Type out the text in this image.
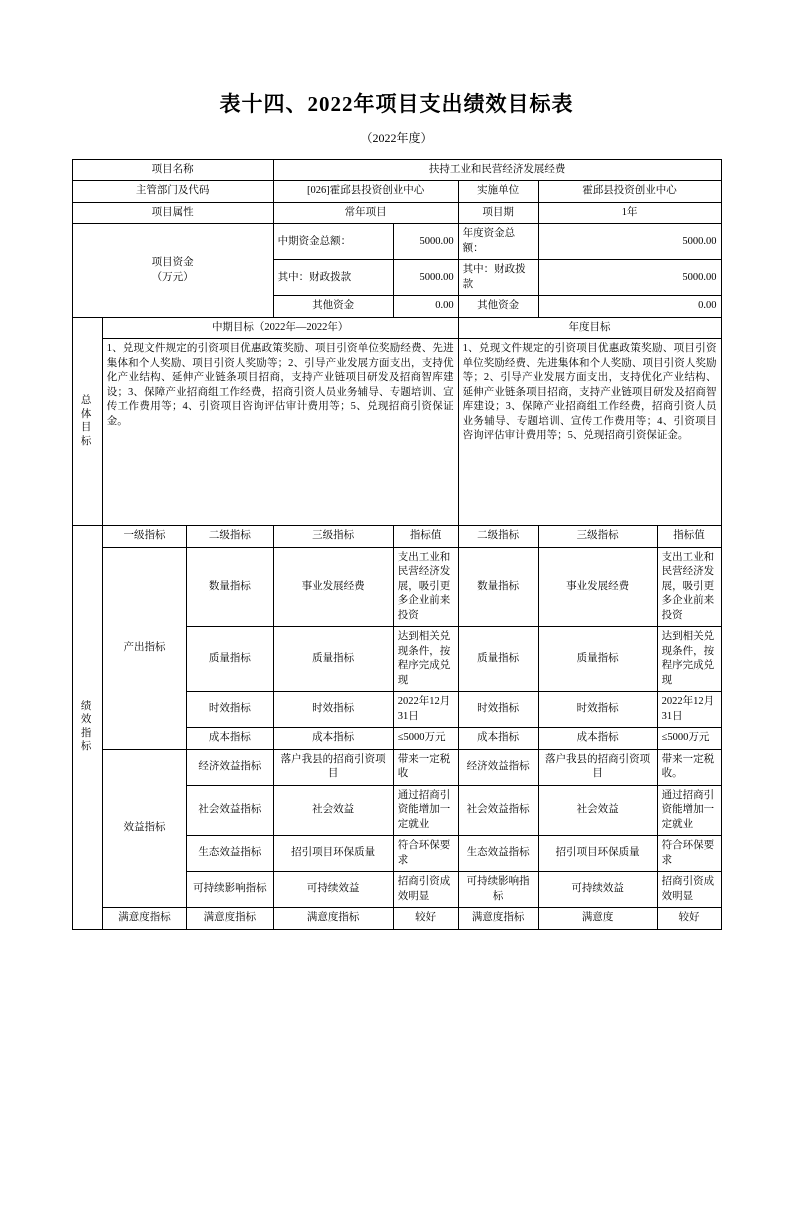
表十四、2022年项目支出绩效目标表
（2022年度）
项目名称			扶持工业和民营经济发展经费				
主管部门及代码			[026]霍邱县投资创业中心		实施单位	霍邱县投资创业中心	
项目属性			常年项目		项目期	1年	

项目资金
（万元）			中期资金总额：	5000.00	年度资金总额：	5000.00	
			其中：财政拨款	5000.00	其中：财政拨款	5000.00	
			其他资金	0.00	其他资金	0.00	
总体目标	中期目标（2022年—2022年）				年度目标		
	1、兑现文件规定的引资项目优惠政策奖励、项目引资单位奖励经费、先进集体和个人奖励、项目引资人奖励等；2、引导产业发展方面支出，支持优化产业结构、延伸产业链条项目招商，支持产业链项目研发及招商智库建设；3、保障产业招商组工作经费，招商引资人员业务辅导、专题培训、宣传工作费用等；4、引资项目咨询评估审计费用等；5、兑现招商引资保证金。				1、兑现文件规定的引资项目优惠政策奖励、项目引资单位奖励经费、先进集体和个人奖励、项目引资人奖励等；2、引导产业发展方面支出，支持优化产业结构、延伸产业链条项目招商，支持产业链项目研发及招商智库建设；3、保障产业招商组工作经费，招商引资人员业务辅导、专题培训、宣传工作费用等；4、引资项目咨询评估审计费用等；5、兑现招商引资保证金。		
绩效指标	一级指标	二级指标	三级指标	指标值	二级指标	三级指标	指标值
	产出指标	数量指标	事业发展经费	支出工业和民营经济发展，吸引更多企业前来投资	数量指标	事业发展经费	支出工业和民营经济发展，吸引更多企业前来投资
		质量指标	质量指标	达到相关兑现条件，按程序完成兑现	质量指标	质量指标	达到相关兑现条件，按程序完成兑现
		时效指标	时效指标	2022年12月31日	时效指标	时效指标	2022年12月31日
		成本指标	成本指标	≤5000万元	成本指标	成本指标	≤5000万元
	效益指标	经济效益指标	落户我县的招商引资项目	带来一定税收	经济效益指标	落户我县的招商引资项目	带来一定税收。
		社会效益指标	社会效益	通过招商引资能增加一定就业	社会效益指标	社会效益	通过招商引资能增加一定就业
		生态效益指标	招引项目环保质量	符合环保要求	生态效益指标	招引项目环保质量	符合环保要求
		可持续影响指标	可持续效益	招商引资成效明显	可持续影响指标	可持续效益	招商引资成效明显
	满意度指标	满意度指标	满意度指标	较好	满意度指标	满意度	较好
